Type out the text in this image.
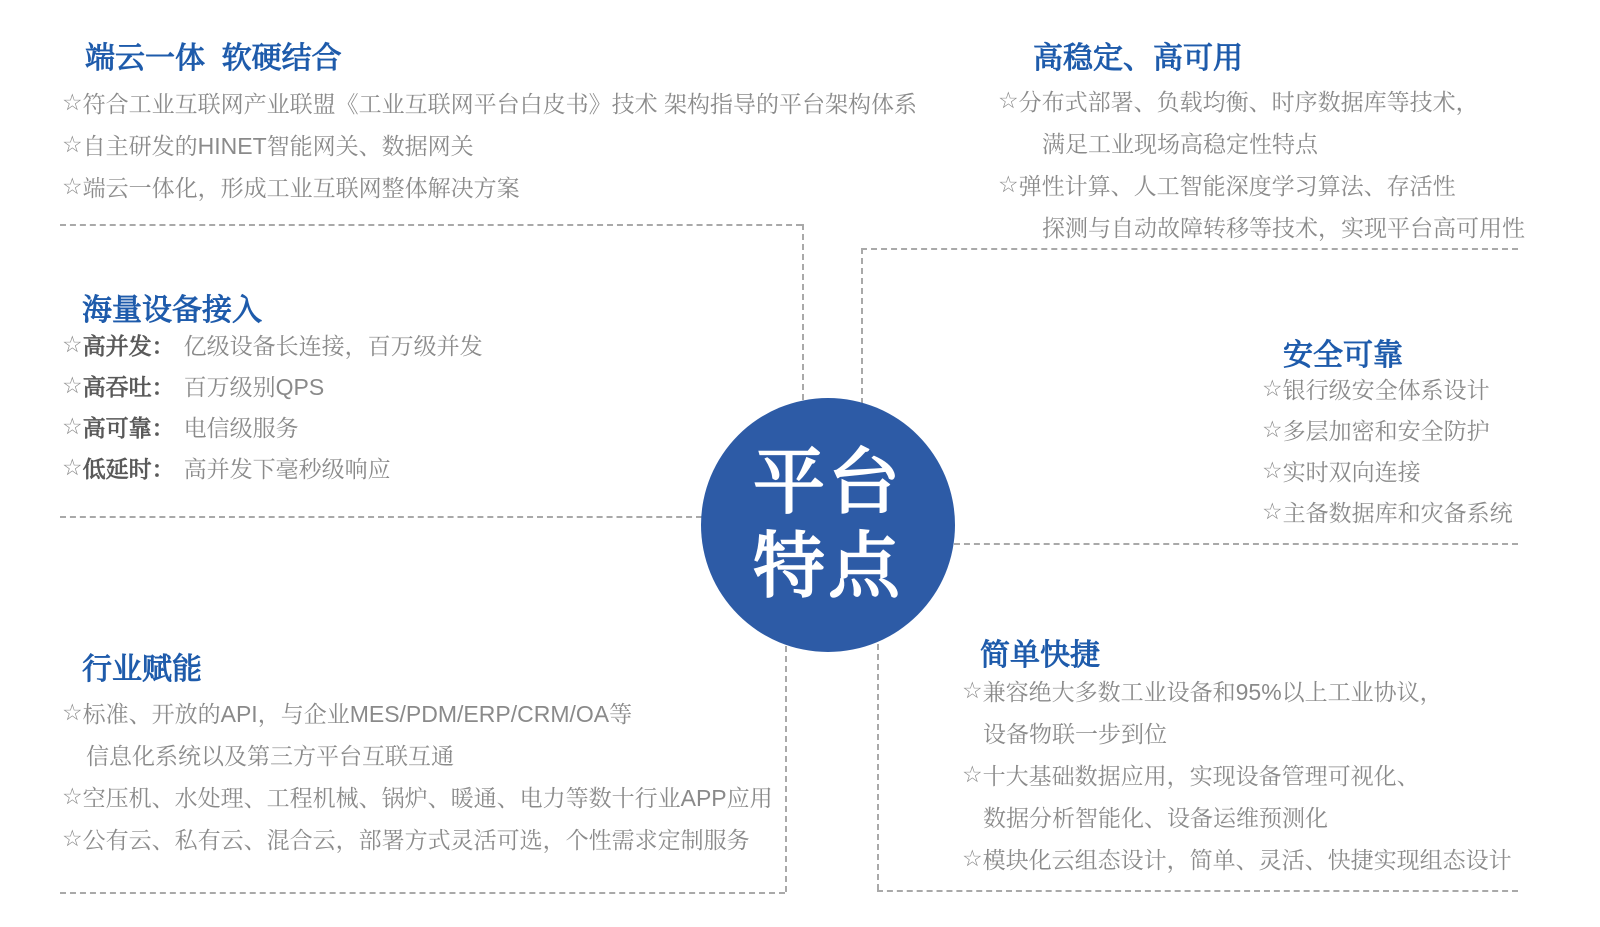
平台
特点
端云一体  软硬结合
☆ 符合工业互联网产业联盟《工业互联网平台白皮书》技术 架构指导的平台架构体系
☆ 自主研发的HINET智能网关、数据网关
☆ 端云一体化，形成工业互联网整体解决方案
高稳定、高可用
☆ 分布式部署、负载均衡、时序数据库等技术，
满足工业现场高稳定性特点
☆ 弹性计算、人工智能深度学习算法、存活性
探测与自动故障转移等技术，实现平台高可用性
海量设备接入
☆ 高并发： 亿级设备长连接，百万级并发
☆ 高吞吐： 百万级别QPS
☆ 高可靠： 电信级服务
☆ 低延时： 高并发下毫秒级响应
安全可靠
☆ 银行级安全体系设计
☆ 多层加密和安全防护
☆ 实时双向连接
☆ 主备数据库和灾备系统
行业赋能
☆ 标准、开放的API，与企业MES/PDM/ERP/CRM/OA等
信息化系统以及第三方平台互联互通
☆ 空压机、水处理、工程机械、锅炉、暖通、电力等数十行业APP应用
☆ 公有云、私有云、混合云，部署方式灵活可选，个性需求定制服务
简单快捷
☆ 兼容绝大多数工业设备和95%以上工业协议，
设备物联一步到位
☆ 十大基础数据应用，实现设备管理可视化、
数据分析智能化、设备运维预测化
☆ 模块化云组态设计，简单、灵活、快捷实现组态设计
